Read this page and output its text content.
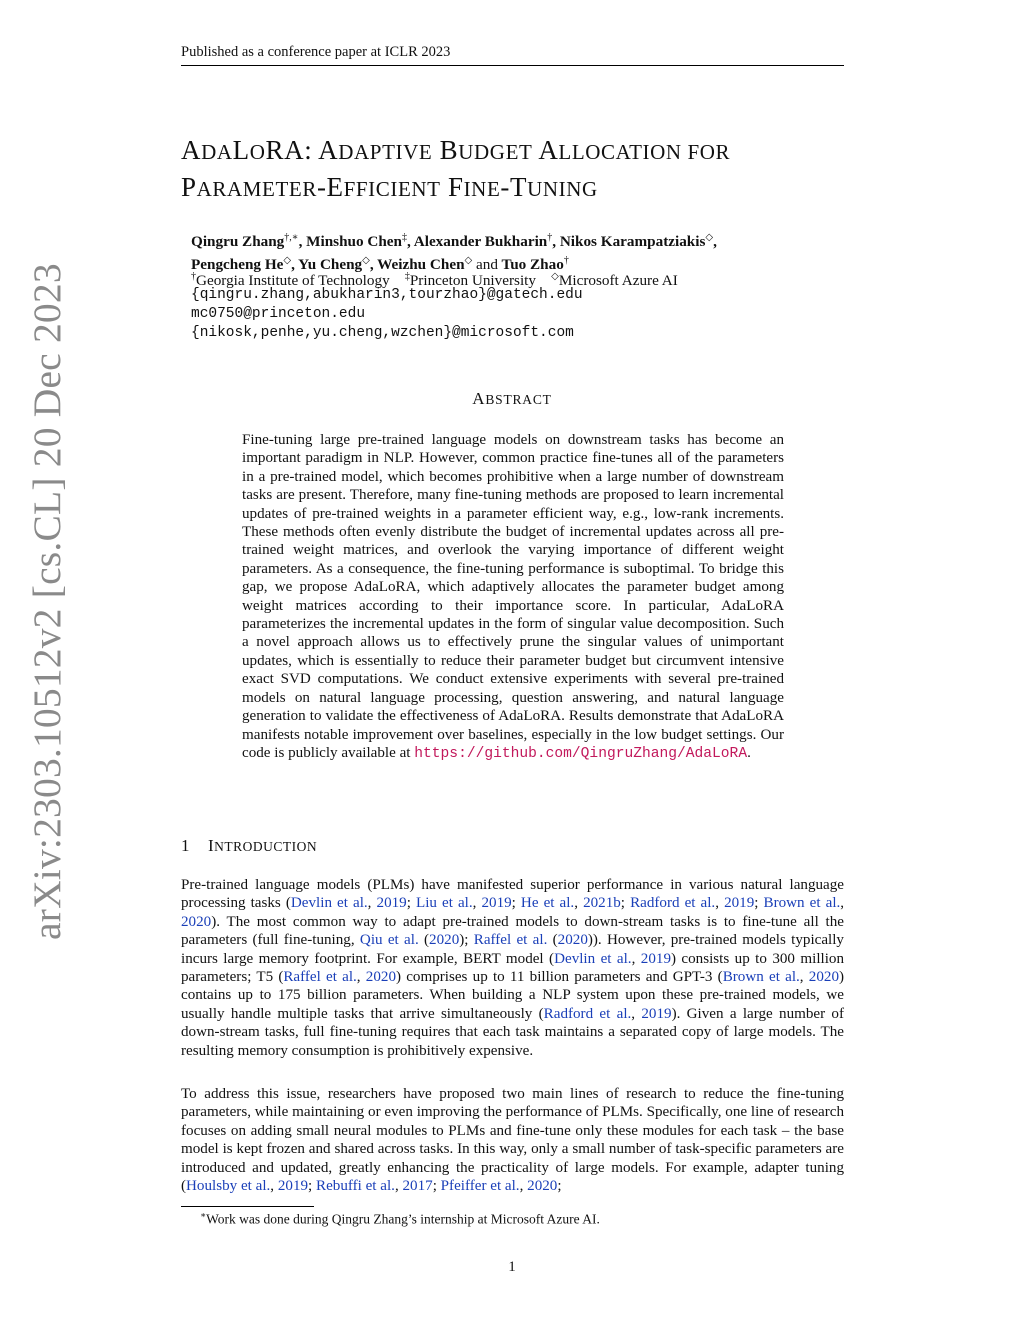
Published as a conference paper at ICLR 2023
arXiv:2303.10512v2 [cs.CL] 20 Dec 2023
ADALORA: ADAPTIVE BUDGET ALLOCATION FOR
PARAMETER-EFFICIENT FINE-TUNING
Qingru Zhang†,∗, Minshuo Chen‡, Alexander Bukharin†, Nikos Karampatziakis◇,
Pengcheng He◇, Yu Cheng◇, Weizhu Chen◇ and Tuo Zhao†
†Georgia Institute of Technology ‡Princeton University ◇Microsoft Azure AI
{qingru.zhang,abukharin3,tourzhao}@gatech.edu
mc0750@princeton.edu
{nikosk,penhe,yu.cheng,wzchen}@microsoft.com
ABSTRACT
Fine-tuning large pre-trained language models on downstream tasks has become an important paradigm in NLP. However, common practice fine-tunes all of the parameters in a pre-trained model, which becomes prohibitive when a large number of downstream tasks are present. Therefore, many fine-tuning methods are proposed to learn incremental updates of pre-trained weights in a parameter efficient way, e.g., low-rank increments. These methods often evenly distribute the budget of incremental updates across all pre-trained weight matrices, and overlook the varying importance of different weight parameters. As a consequence, the fine-tuning performance is suboptimal. To bridge this gap, we propose AdaLoRA, which adaptively allocates the parameter budget among weight matrices according to their importance score. In particular, AdaLoRA parameterizes the incremental updates in the form of singular value decomposition. Such a novel approach allows us to effectively prune the singular values of unimportant updates, which is essentially to reduce their parameter budget but circumvent intensive exact SVD computations. We conduct extensive experiments with several pre-trained models on natural language processing, question answering, and natural language generation to validate the effectiveness of AdaLoRA. Results demonstrate that AdaLoRA manifests notable improvement over baselines, especially in the low budget settings. Our code is publicly available at https://github.com/QingruZhang/AdaLoRA.
1 INTRODUCTION
Pre-trained language models (PLMs) have manifested superior performance in various natural language processing tasks (Devlin et al., 2019; Liu et al., 2019; He et al., 2021b; Radford et al., 2019; Brown et al., 2020). The most common way to adapt pre-trained models to down-stream tasks is to fine-tune all the parameters (full fine-tuning, Qiu et al. (2020); Raffel et al. (2020)). However, pre-trained models typically incurs large memory footprint. For example, BERT model (Devlin et al., 2019) consists up to 300 million parameters; T5 (Raffel et al., 2020) comprises up to 11 billion parameters and GPT-3 (Brown et al., 2020) contains up to 175 billion parameters. When building a NLP system upon these pre-trained models, we usually handle multiple tasks that arrive simultaneously (Radford et al., 2019). Given a large number of down-stream tasks, full fine-tuning requires that each task maintains a separated copy of large models. The resulting memory consumption is prohibitively expensive.
To address this issue, researchers have proposed two main lines of research to reduce the fine-tuning parameters, while maintaining or even improving the performance of PLMs. Specifically, one line of research focuses on adding small neural modules to PLMs and fine-tune only these modules for each task – the base model is kept frozen and shared across tasks. In this way, only a small number of task-specific parameters are introduced and updated, greatly enhancing the practicality of large models. For example, adapter tuning (Houlsby et al., 2019; Rebuffi et al., 2017; Pfeiffer et al., 2020;
∗Work was done during Qingru Zhang’s internship at Microsoft Azure AI.
1
